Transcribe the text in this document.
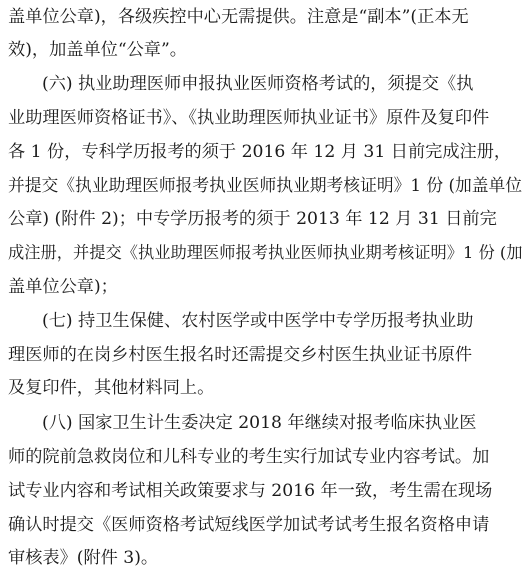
盖单位公章)，各级疾控中心无需提供。注意是“副本”(正本无
效)，加盖单位“公章”。
(六) 执业助理医师申报执业医师资格考试的，须提交《执
业助理医师资格证书》、《执业助理医师执业证书》原件及复印件
各 1 份，专科学历报考的须于 2016 年 12 月 31 日前完成注册，
并提交《执业助理医师报考执业医师执业期考核证明》1 份 (加盖单位
公章) (附件 2)；中专学历报考的须于 2013 年 12 月 31 日前完
成注册，并提交《执业助理医师报考执业医师执业期考核证明》1 份 (加
盖单位公章)；
(七) 持卫生保健、农村医学或中医学中专学历报考执业助
理医师的在岗乡村医生报名时还需提交乡村医生执业证书原件
及复印件，其他材料同上。
(八) 国家卫生计生委决定 2018 年继续对报考临床执业医
师的院前急救岗位和儿科专业的考生实行加试专业内容考试。加
试专业内容和考试相关政策要求与 2016 年一致，考生需在现场
确认时提交《医师资格考试短线医学加试考试考生报名资格申请
审核表》(附件 3)。
